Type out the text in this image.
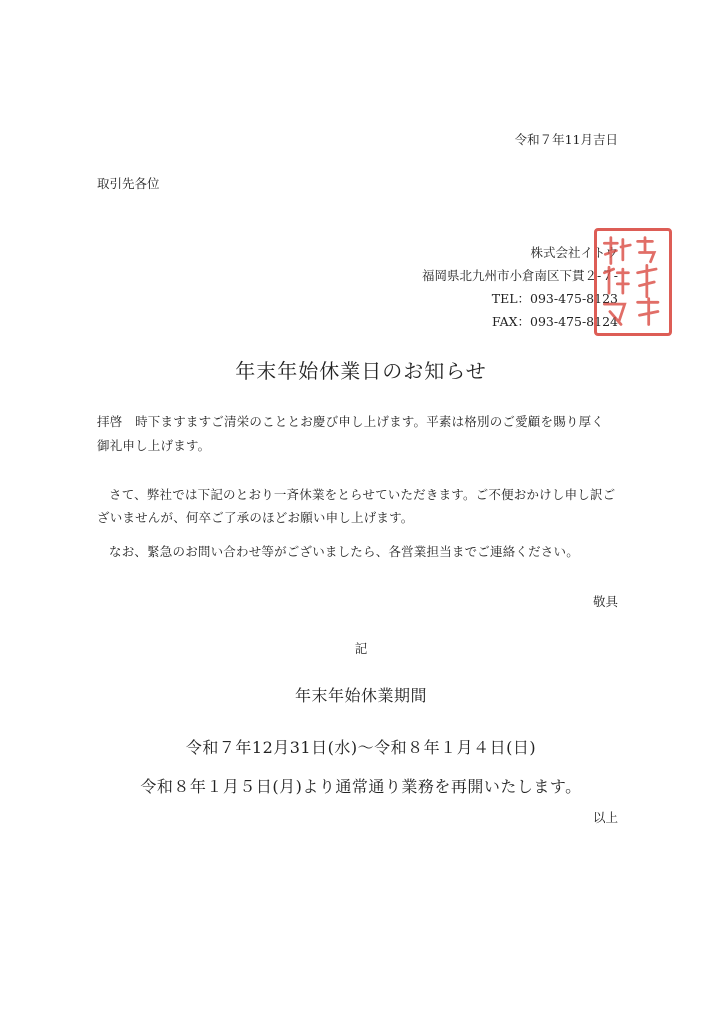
令和７年11月吉日
取引先各位
株式会社イトウ
福岡県北九州市小倉南区下貫２-７-
TEL：093-475-8123
FAX：093-475-8124
年末年始休業日のお知らせ
拝啓　時下ますますご清栄のこととお慶び申し上げます。平素は格別のご愛顧を賜り厚く
御礼申し上げます。
さて、弊社では下記のとおり一斉休業をとらせていただきます。ご不便おかけし申し訳ご
ざいませんが、何卒ご了承のほどお願い申し上げます。
なお、緊急のお問い合わせ等がございましたら、各営業担当までご連絡ください。
敬具
記
年末年始休業期間
令和７年12月31日(水)～令和８年１月４日(日)
令和８年１月５日(月)より通常通り業務を再開いたします。
以上
